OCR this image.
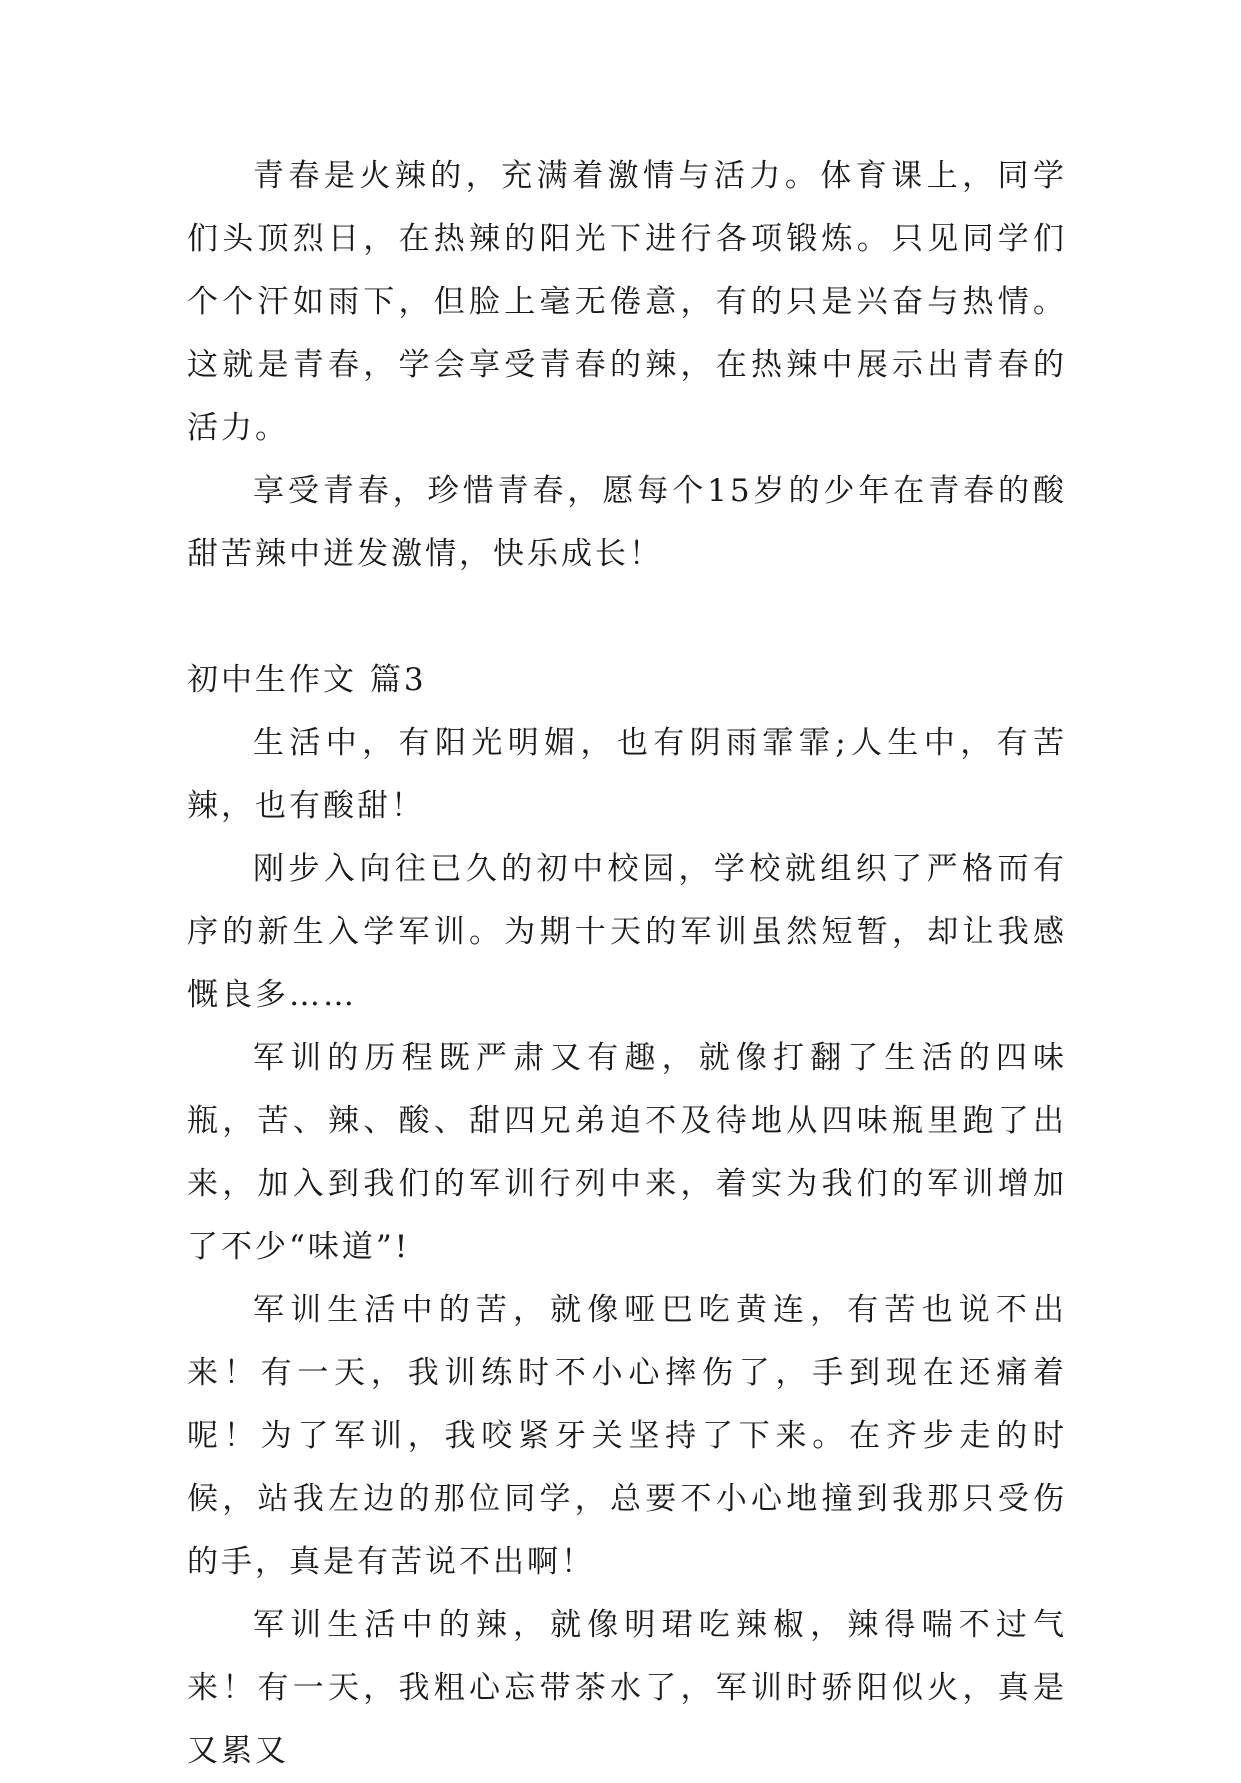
青春是火辣的，充满着激情与活力。体育课上，同学们头顶烈日，在热辣的阳光下进行各项锻炼。只见同学们个个汗如雨下，但脸上毫无倦意，有的只是兴奋与热情。这就是青春，学会享受青春的辣，在热辣中展示出青春的活力。

享受青春，珍惜青春，愿每个15岁的少年在青春的酸甜苦辣中迸发激情，快乐成长！

初中生作文 篇3

生活中，有阳光明媚，也有阴雨霏霏;人生中，有苦辣，也有酸甜！

刚步入向往已久的初中校园，学校就组织了严格而有序的新生入学军训。为期十天的军训虽然短暂，却让我感慨良多……

军训的历程既严肃又有趣，就像打翻了生活的四味瓶，苦、辣、酸、甜四兄弟迫不及待地从四味瓶里跑了出来，加入到我们的军训行列中来，着实为我们的军训增加了不少“味道”!

军训生活中的苦，就像哑巴吃黄连，有苦也说不出来！有一天，我训练时不小心摔伤了，手到现在还痛着呢！为了军训，我咬紧牙关坚持了下来。在齐步走的时候，站我左边的那位同学，总要不小心地撞到我那只受伤的手，真是有苦说不出啊！

军训生活中的辣，就像明珺吃辣椒，辣得喘不过气来！有一天，我粗心忘带茶水了，军训时骄阳似火，真是又累又
